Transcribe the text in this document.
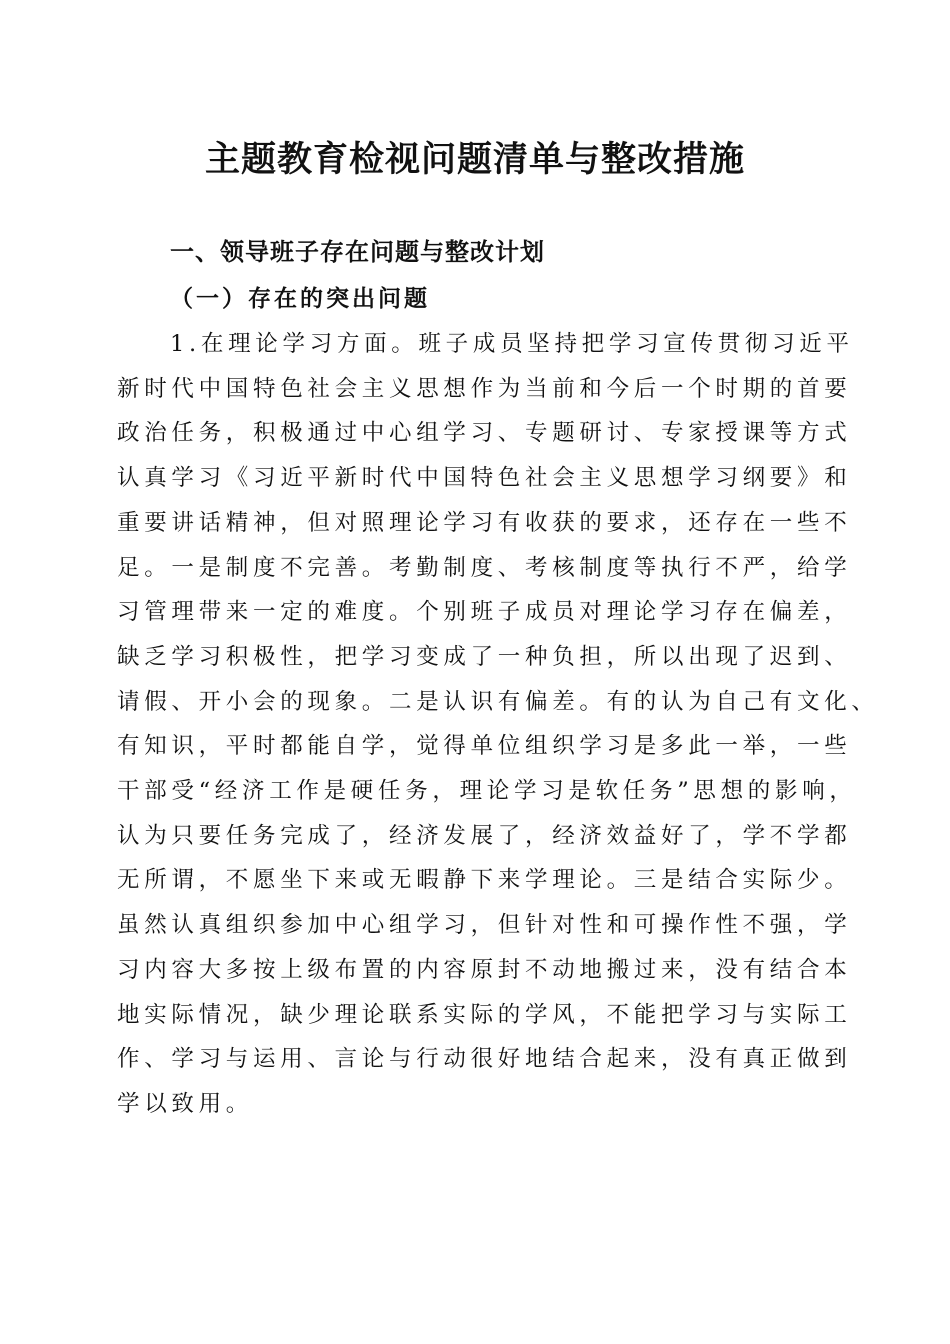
主题教育检视问题清单与整改措施
一、领导班子存在问题与整改计划
（一）存在的突出问题
1.在理论学习方面。班子成员坚持把学习宣传贯彻习近平
新时代中国特色社会主义思想作为当前和今后一个时期的首要
政治任务，积极通过中心组学习、专题研讨、专家授课等方式
认真学习《习近平新时代中国特色社会主义思想学习纲要》和
重要讲话精神，但对照理论学习有收获的要求，还存在一些不
足。一是制度不完善。考勤制度、考核制度等执行不严，给学
习管理带来一定的难度。个别班子成员对理论学习存在偏差，
缺乏学习积极性，把学习变成了一种负担，所以出现了迟到、
请假、开小会的现象。二是认识有偏差。有的认为自己有文化、
有知识，平时都能自学，觉得单位组织学习是多此一举，一些
干部受“经济工作是硬任务，理论学习是软任务”思想的影响，
认为只要任务完成了，经济发展了，经济效益好了，学不学都
无所谓，不愿坐下来或无暇静下来学理论。三是结合实际少。
虽然认真组织参加中心组学习，但针对性和可操作性不强，学
习内容大多按上级布置的内容原封不动地搬过来，没有结合本
地实际情况，缺少理论联系实际的学风，不能把学习与实际工
作、学习与运用、言论与行动很好地结合起来，没有真正做到
学以致用。
